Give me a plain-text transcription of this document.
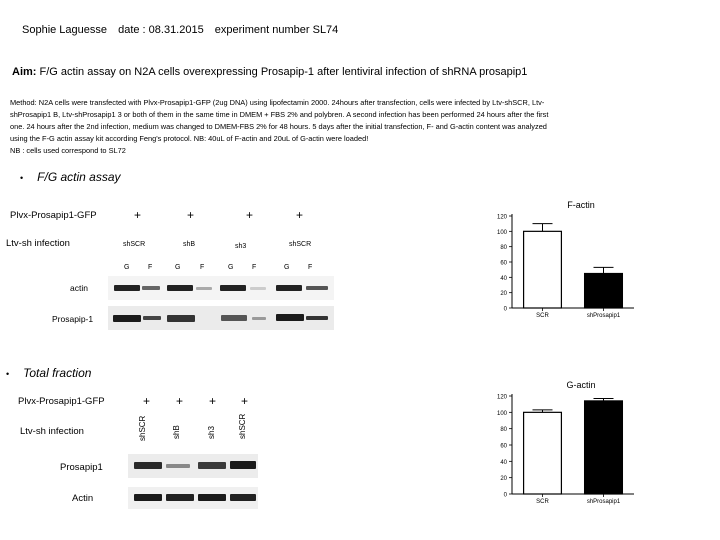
Sophie Laguesse date : 08.31.2015 experiment number SL74
Aim: F/G actin assay on N2A cells overexpressing Prosapip-1 after lentiviral infection of shRNA prosapip1
Method: N2A cells were transfected with Plvx-Prosapip1-GFP (2ug DNA) using lipofectamin 2000. 24hours after transfection, cells were infected by Ltv-shSCR, Ltv-
shProsapip1 B, Ltv-shProsapip1 3 or both of them in the same time in DMEM + FBS 2% and polybren. A second infection has been performed 24 hours after the first
one. 24 hours after the 2nd infection, medium was changed to DMEM-FBS 2% for 48 hours. 5 days after the initial transfection, F- and G-actin content was analyzed
using the F-G actin assay kit according Feng's protocol. NB: 40uL of F-actin and 20uL of G-actin were loaded!
NB : cells used correspond to SL72
• F/G actin assay
Plvx-Prosapip1-GFP	+	+	+	+
Ltv-sh infection	shSCR	shB	sh3	shSCR
G	F	G	F	G	F	G	F
actin
Prosapip-1
• Total fraction
Plvx-Prosapip1-GFP	+ + + +
Ltv-sh infection	shSCR	shB	sh3	shSCR
Prosapip1
Actin
F-actin
0
20
40
60
80
100
120
SCR	shProsapip1
G-actin
0
20
40
60
80
100
120
SCR	shProsapip1
